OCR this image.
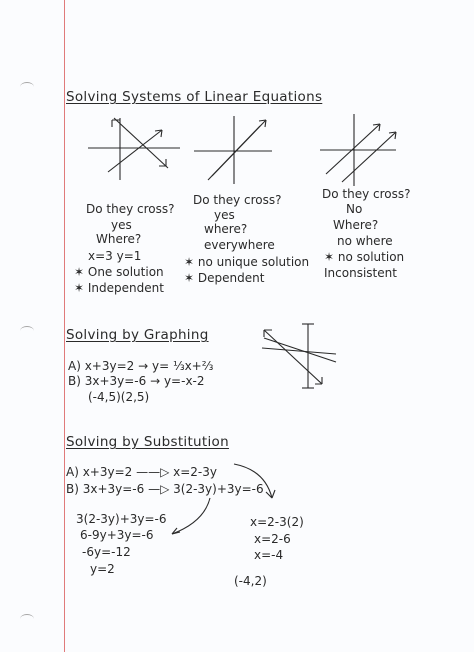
Solving Systems of Linear Equations
Do they cross?
yes
Where?
x=3 y=1
✶ One solution
✶ Independent
Do they cross?
yes
where?
everywhere
✶ no unique solution
✶ Dependent
Do they cross?
No
Where?
no where
✶ no solution
Inconsistent
Solving by Graphing
A) x+3y=2 → y= ⅓x+⅔
B) 3x+3y=-6 → y=-x-2
(-4,5)(2,5)
Solving by Substitution
A) x+3y=2 ——▷ x=2-3y
B) 3x+3y=-6 —▷ 3(2-3y)+3y=-6
3(2-3y)+3y=-6
6-9y+3y=-6
-6y=-12
y=2
x=2-3(2)
x=2-6
x=-4
(-4,2)
